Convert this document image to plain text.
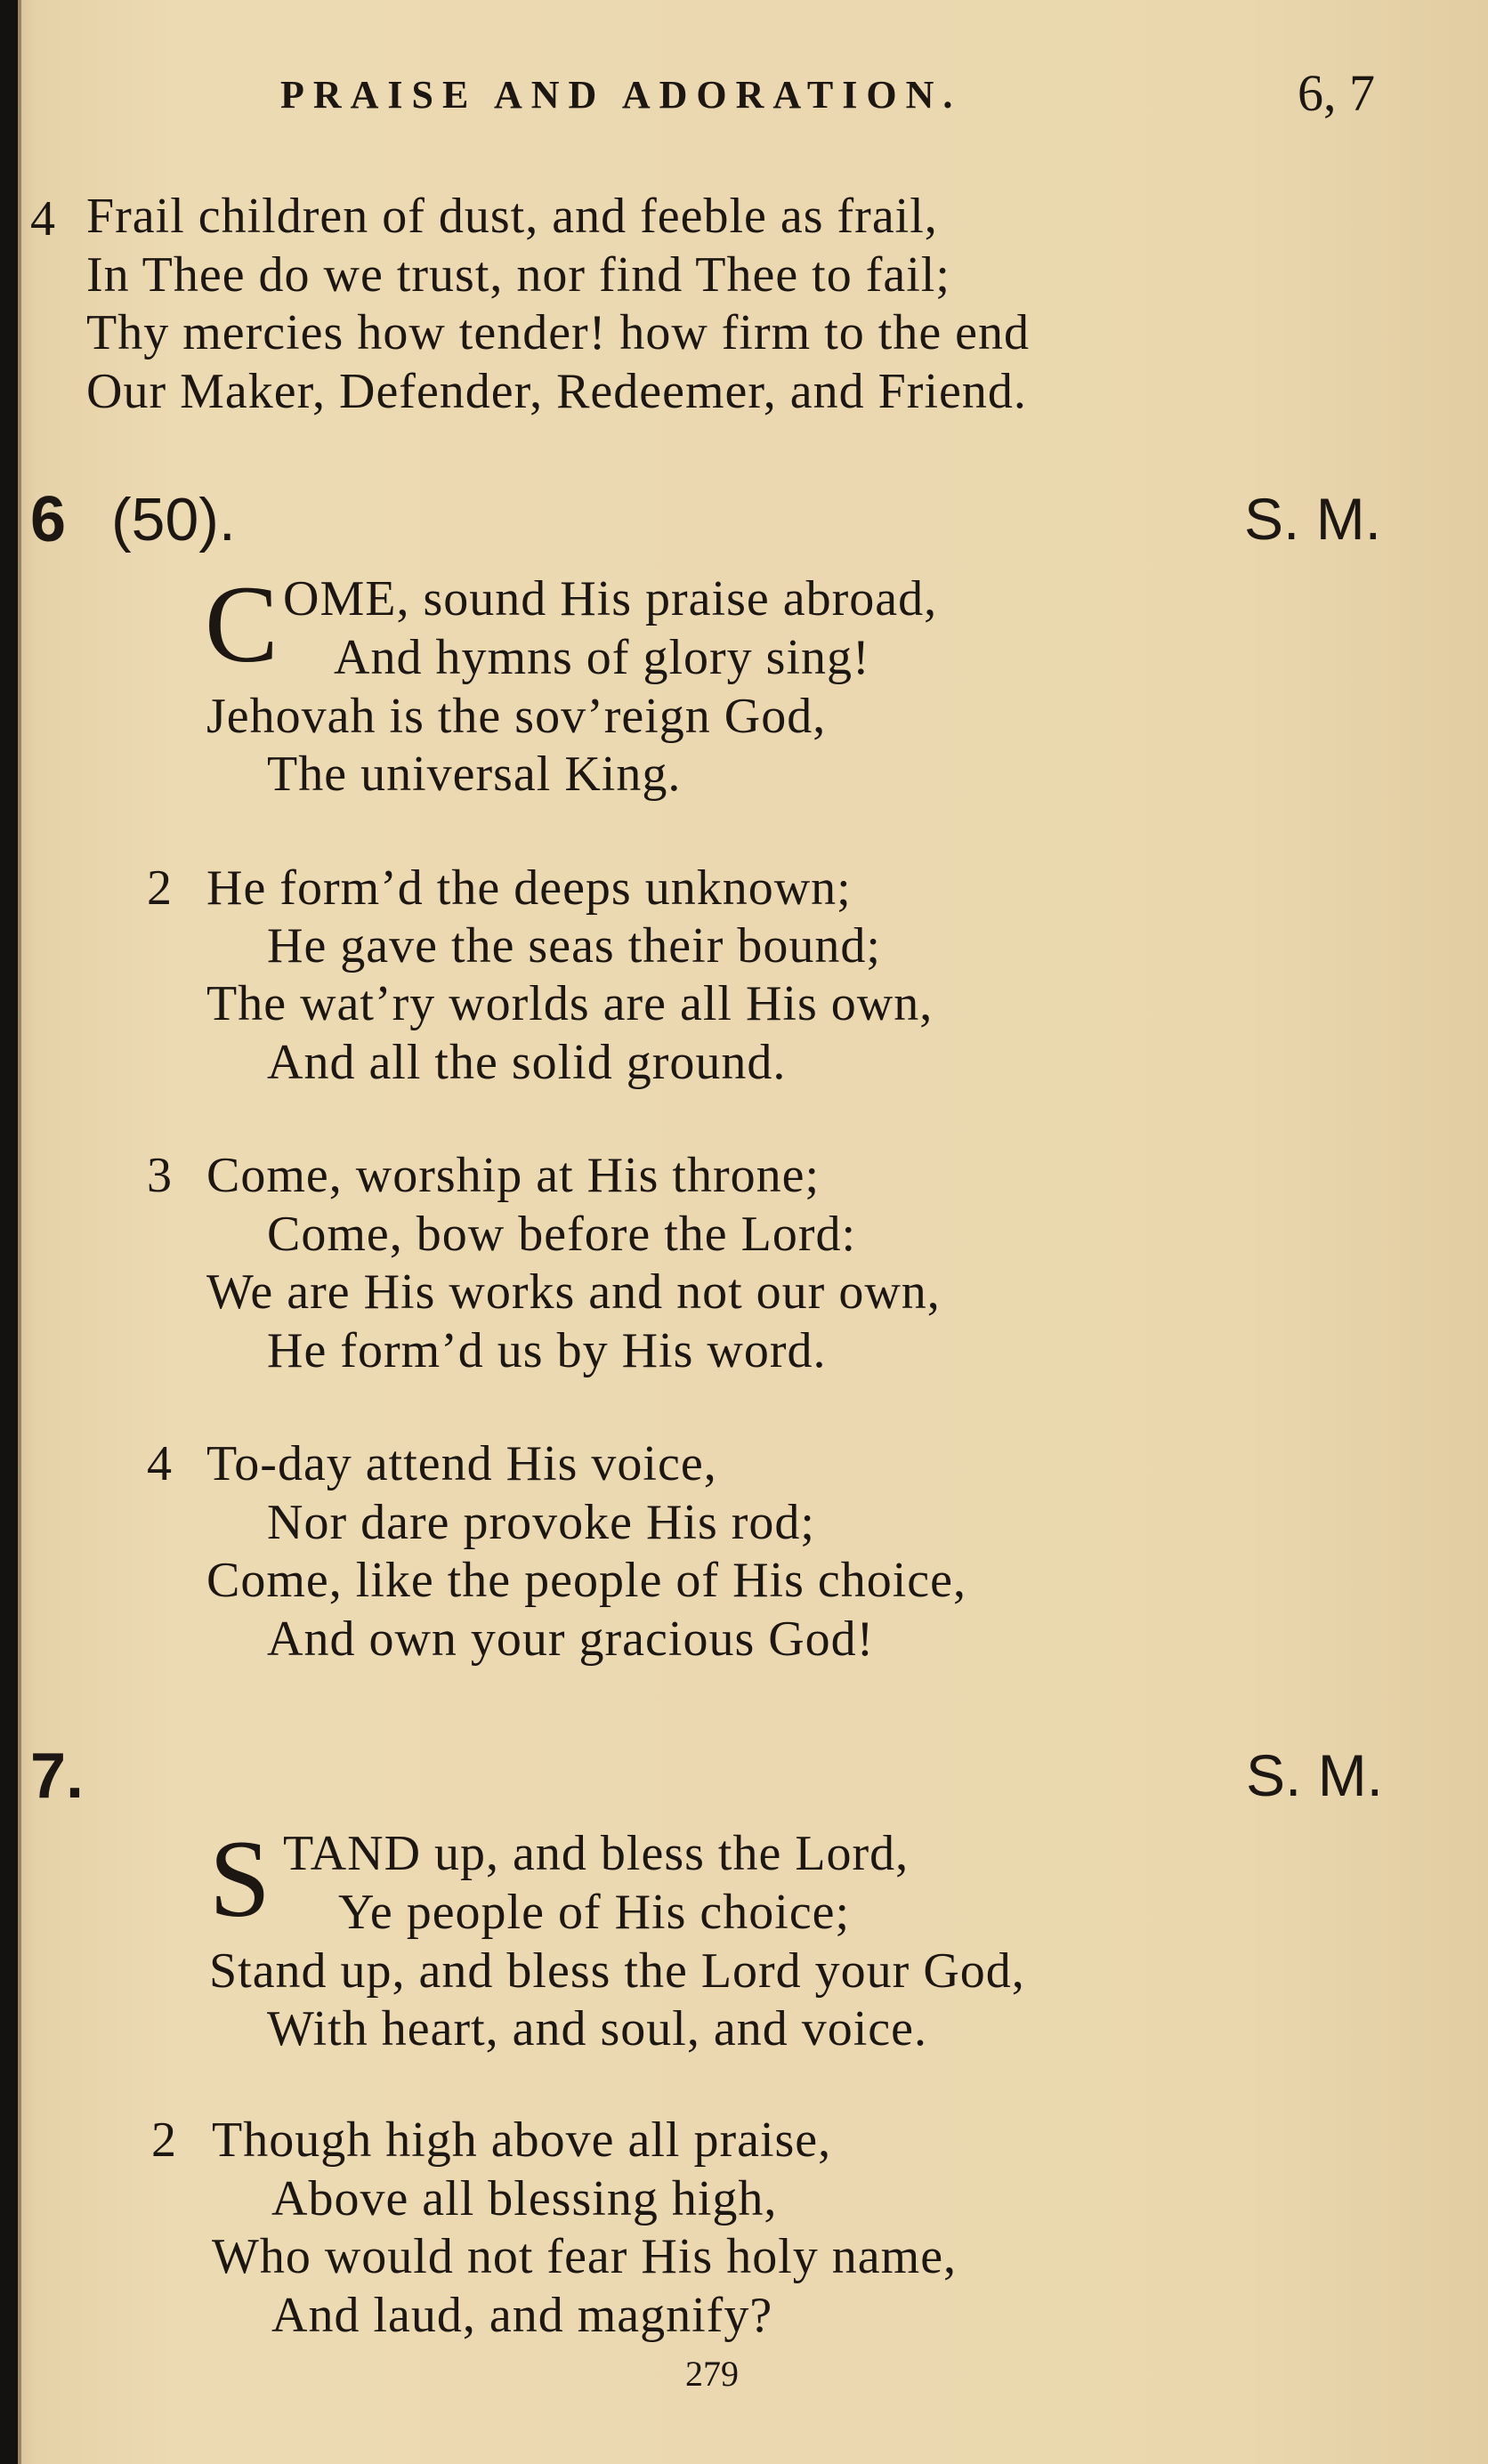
PRAISE AND ADORATION.	6, 7
4 Frail children of dust, and feeble as frail,
In Thee do we trust, nor find Thee to fail;
Thy mercies how tender! how firm to the end
Our Maker, Defender, Redeemer, and Friend.
6 (50).	S. M.
C OME, sound His praise abroad,
And hymns of glory sing!
Jehovah is the sov’reign God,
The universal King.
2 He form’d the deeps unknown;
He gave the seas their bound;
The wat’ry worlds are all His own,
And all the solid ground.
3 Come, worship at His throne;
Come, bow before the Lord:
We are His works and not our own,
He form’d us by His word.
4 To-day attend His voice,
Nor dare provoke His rod;
Come, like the people of His choice,
And own your gracious God!
7.	S. M.
S TAND up, and bless the Lord,
Ye people of His choice;
Stand up, and bless the Lord your God,
With heart, and soul, and voice.
2 Though high above all praise,
Above all blessing high,
Who would not fear His holy name,
And laud, and magnify?
279
